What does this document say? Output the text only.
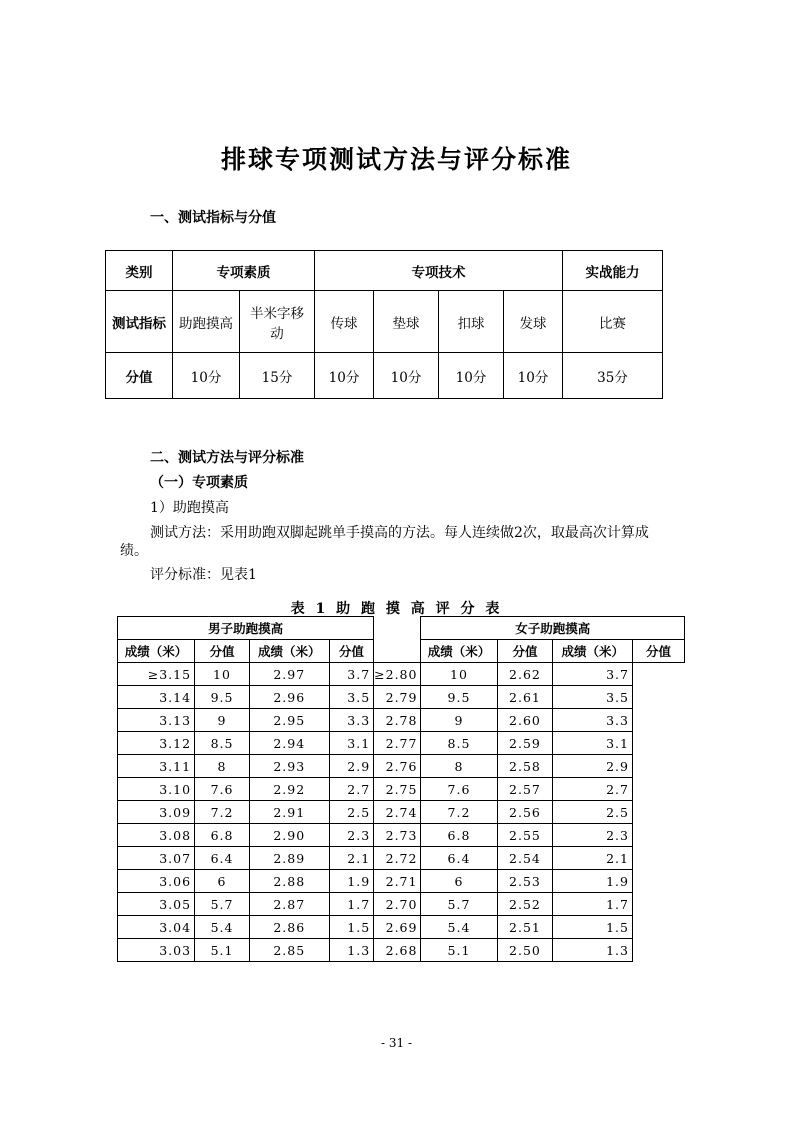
排球专项测试方法与评分标准
一、测试指标与分值
类别	专项素质		专项技术				实战能力
测试指标	助跑摸高	半米字移动	传球	垫球	扣球	发球	比赛
分值	10分	15分	10分	10分	10分	10分	35分
二、测试方法与评分标准
（一）专项素质
1）助跑摸高
测试方法：采用助跑双脚起跳单手摸高的方法。每人连续做2次，取最高次计算成
绩。
评分标准：见表1
表 1 助 跑 摸 高 评 分 表
男子助跑摸高					女子助跑摸高			
成绩（米）	分值	成绩（米）	分值		成绩（米）	分值	成绩（米）	分值
≥3.15	10	2.97	3.7	≥2.80	10	2.62	3.7	
3.14	9.5	2.96	3.5	2.79	9.5	2.61	3.5	
3.13	9	2.95	3.3	2.78	9	2.60	3.3	
3.12	8.5	2.94	3.1	2.77	8.5	2.59	3.1	
3.11	8	2.93	2.9	2.76	8	2.58	2.9	
3.10	7.6	2.92	2.7	2.75	7.6	2.57	2.7	
3.09	7.2	2.91	2.5	2.74	7.2	2.56	2.5	
3.08	6.8	2.90	2.3	2.73	6.8	2.55	2.3	
3.07	6.4	2.89	2.1	2.72	6.4	2.54	2.1	
3.06	6	2.88	1.9	2.71	6	2.53	1.9	
3.05	5.7	2.87	1.7	2.70	5.7	2.52	1.7	
3.04	5.4	2.86	1.5	2.69	5.4	2.51	1.5	
3.03	5.1	2.85	1.3	2.68	5.1	2.50	1.3	
- 31 -
